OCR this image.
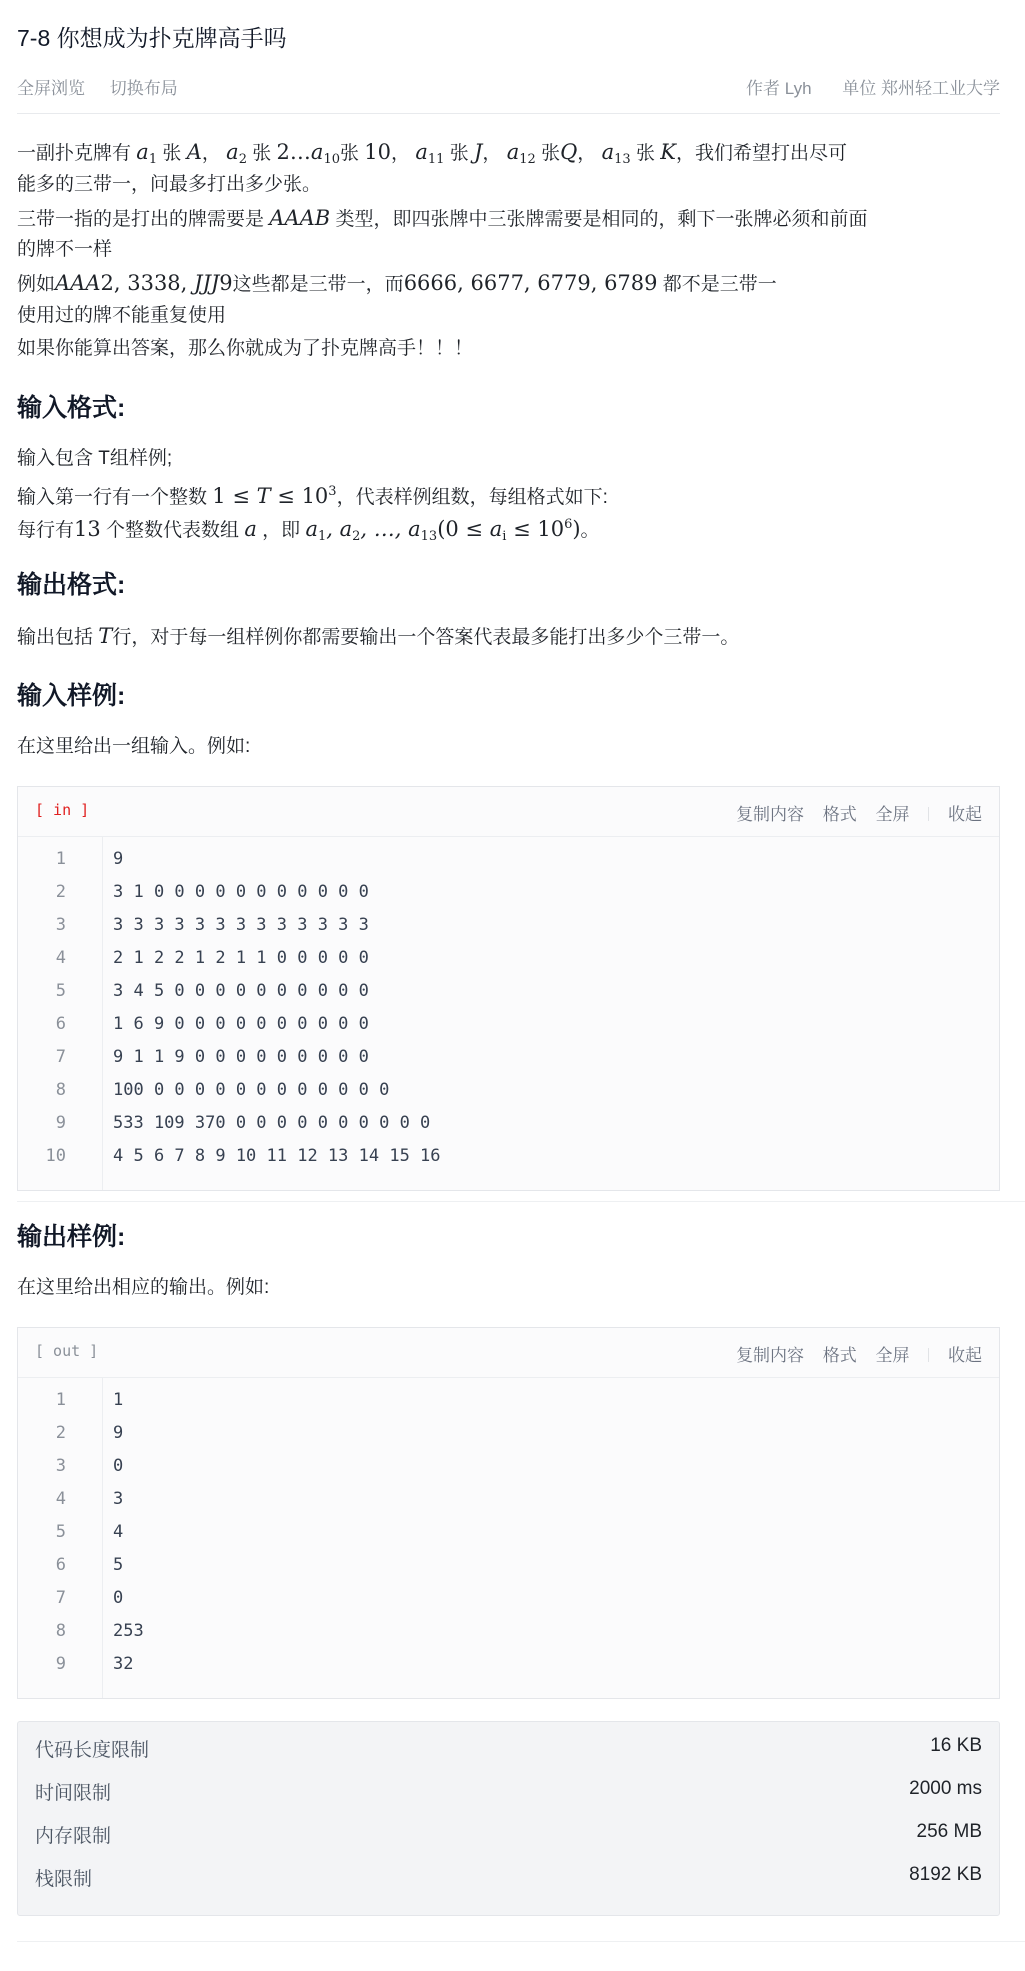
7-8 你想成为扑克牌高手吗
全屏浏览 切换布局	作者 Lyh 单位 郑州轻工业大学
一副扑克牌有 $a_1$ 张 A， $a_2$ 张 $2\dots a_{10}$张 10， $a_{11}$ 张 J， $a_{12}$ 张Q， $a_{13}$ 张 K，我们希望打出尽可
能多的三带一，问最多打出多少张。
三带一指的是打出的牌需要是 AAAB 类型，即四张牌中三张牌需要是相同的，剩下一张牌必须和前面
的牌不一样
例如AAA2, 3338, JJJ9这些都是三带一，而6666, 6677, 6779, 6789 都不是三带一
使用过的牌不能重复使用
如果你能算出答案，那么你就成为了扑克牌高手！！！
输入格式:
输入包含 T组样例;
输入第一行有一个整数 $1 \le T \le 10^3$，代表样例组数，每组格式如下:
每行有13 个整数代表数组 a ，即 $a_1$, $a_2$, …, $a_{13}(0 \le a_i \le 10^6)$。
输出格式:
输出包括 T行，对于每一组样例你都需要输出一个答案代表最多能打出多少个三带一。
输入样例:
在这里给出一组输入。例如:
[ in ]	复制内容 格式 全屏 收起
1	9
2	3 1 0 0 0 0 0 0 0 0 0 0 0
3	3 3 3 3 3 3 3 3 3 3 3 3 3
4	2 1 2 2 1 2 1 1 0 0 0 0 0
5	3 4 5 0 0 0 0 0 0 0 0 0 0
6	1 6 9 0 0 0 0 0 0 0 0 0 0
7	9 1 1 9 0 0 0 0 0 0 0 0 0
8	100 0 0 0 0 0 0 0 0 0 0 0 0
9	533 109 370 0 0 0 0 0 0 0 0 0 0
10	4 5 6 7 8 9 10 11 12 13 14 15 16
输出样例:
在这里给出相应的输出。例如:
[ out ]	复制内容 格式 全屏 收起
1	1
2	9
3	0
4	3
5	4
6	5
7	0
8	253
9	32
代码长度限制	16 KB
时间限制	2000 ms
内存限制	256 MB
栈限制	8192 KB
